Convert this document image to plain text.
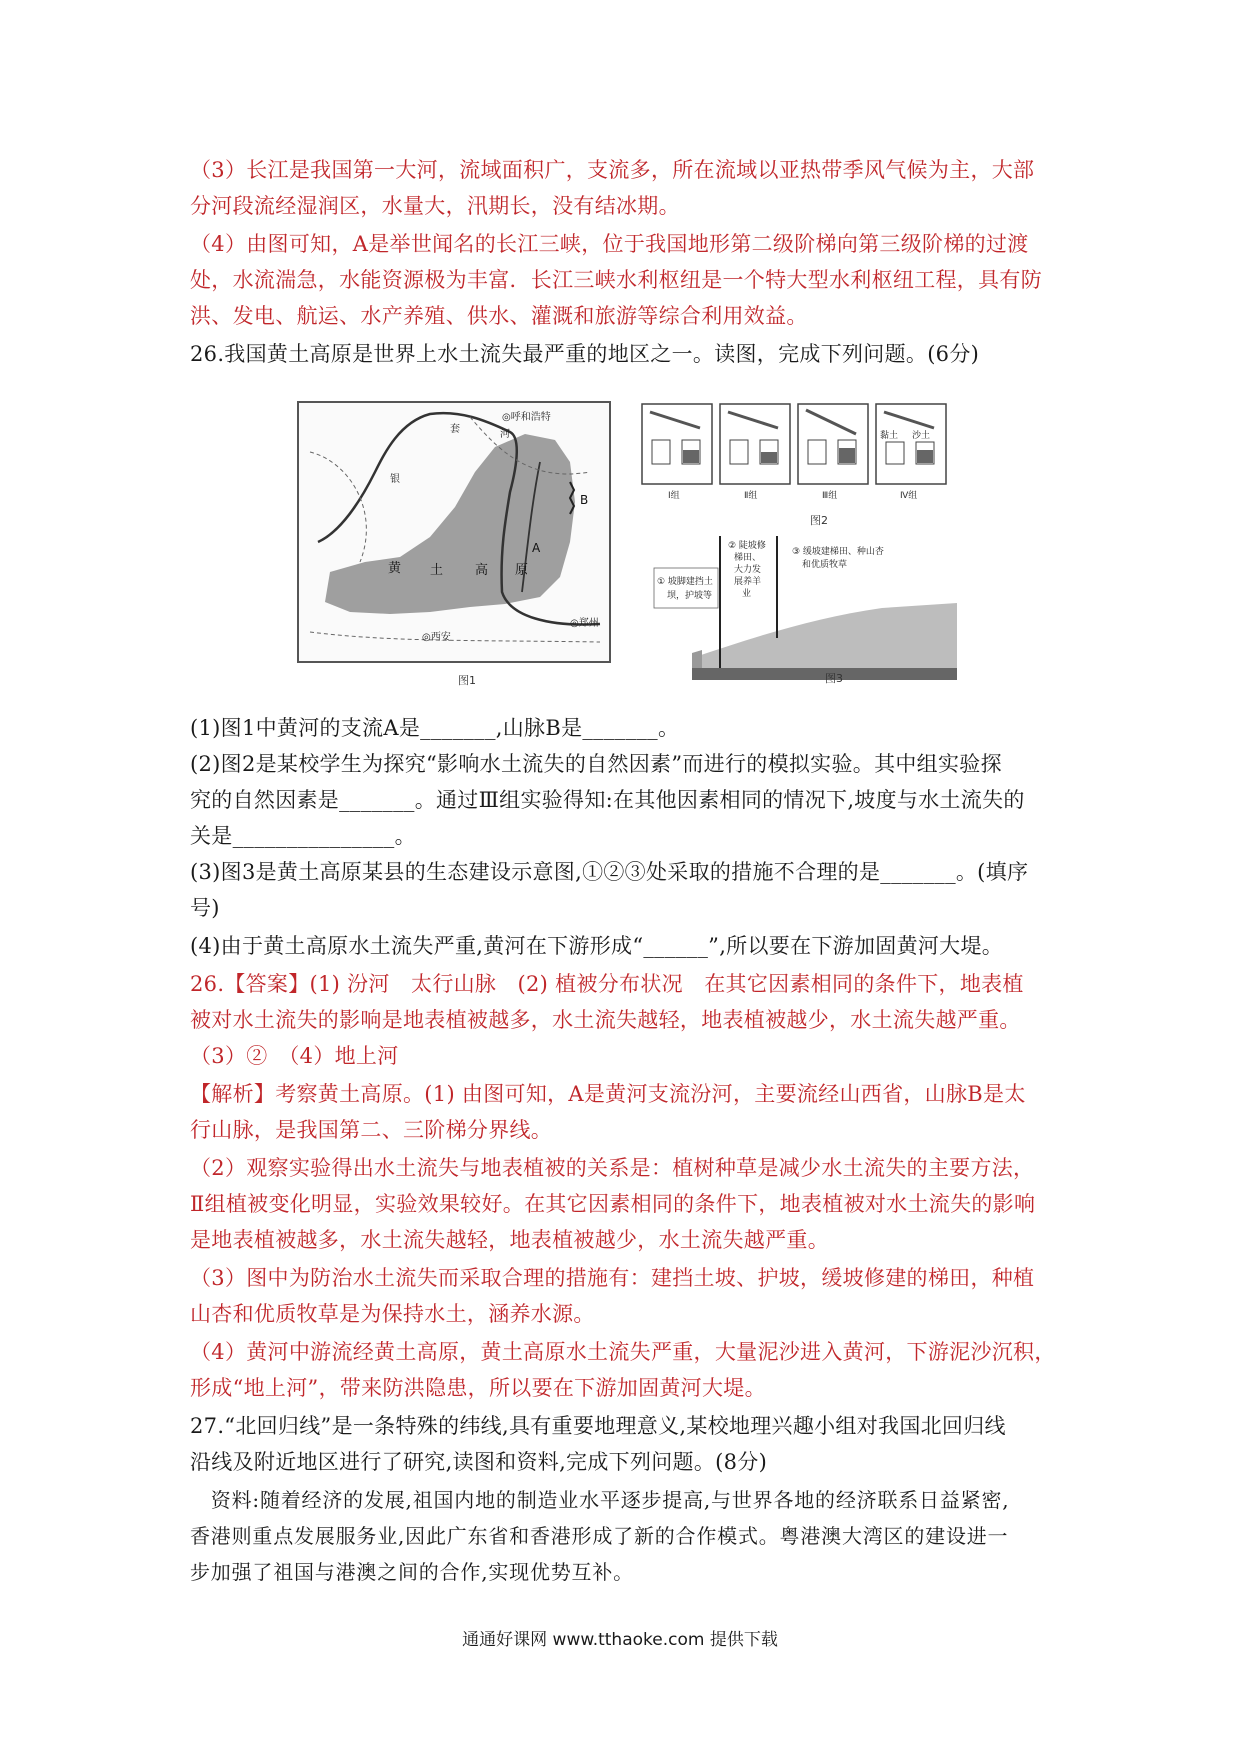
（3）长江是我国第一大河，流域面积广，支流多，所在流域以亚热带季风气候为主，大部
分河段流经湿润区，水量大，汛期长，没有结冰期。
（4）由图可知，A是举世闻名的长江三峡，位于我国地形第二级阶梯向第三级阶梯的过渡
处，水流湍急，水能资源极为丰富．长江三峡水利枢纽是一个特大型水利枢纽工程，具有防
洪、发电、航运、水产养殖、供水、灌溉和旅游等综合利用效益。
26.我国黄土高原是世界上水土流失最严重的地区之一。读图，完成下列问题。(6分)
◎呼和浩特
套	河
银
黄 土 高 原
A
B
◎西安
◎郑州
图1
黏土 沙土
Ⅰ组	Ⅱ组	Ⅲ组	Ⅳ组
图2
① 坡脚建挡土
坝，护坡等
② 陡坡修
梯田、
大力发
展养羊
业
③ 缓坡建梯田、种山杏
和优质牧草
图3
(1)图1中黄河的支流A是_______,山脉B是_______。
(2)图2是某校学生为探究“影响水土流失的自然因素”而进行的模拟实验。其中组实验探
究的自然因素是_______。通过Ⅲ组实验得知:在其他因素相同的情况下,坡度与水土流失的
关是_______________。
(3)图3是黄土高原某县的生态建设示意图,①②③处采取的措施不合理的是_______。(填序
号)
(4)由于黄土高原水土流失严重,黄河在下游形成“______”,所以要在下游加固黄河大堤。
26.【答案】(1) 汾河　太行山脉　(2) 植被分布状况　在其它因素相同的条件下，地表植
被对水土流失的影响是地表植被越多，水土流失越轻，地表植被越少，水土流失越严重。
（3）②　（4）地上河
【解析】考察黄土高原。(1) 由图可知，A是黄河支流汾河，主要流经山西省，山脉B是太
行山脉，是我国第二、三阶梯分界线。
（2）观察实验得出水土流失与地表植被的关系是：植树种草是减少水土流失的主要方法，
Ⅱ组植被变化明显，实验效果较好。在其它因素相同的条件下，地表植被对水土流失的影响
是地表植被越多，水土流失越轻，地表植被越少，水土流失越严重。
（3）图中为防治水土流失而采取合理的措施有：建挡土坡、护坡，缓坡修建的梯田，种植
山杏和优质牧草是为保持水土，涵养水源。
（4）黄河中游流经黄土高原，黄土高原水土流失严重，大量泥沙进入黄河，下游泥沙沉积，
形成“地上河”，带来防洪隐患，所以要在下游加固黄河大堤。
27.“北回归线”是一条特殊的纬线,具有重要地理意义,某校地理兴趣小组对我国北回归线
沿线及附近地区进行了研究,读图和资料,完成下列问题。(8分)
　资料:随着经济的发展,祖国内地的制造业水平逐步提高,与世界各地的经济联系日益紧密,
香港则重点发展服务业,因此广东省和香港形成了新的合作模式。粤港澳大湾区的建设进一
步加强了祖国与港澳之间的合作,实现优势互补。
通通好课网 www.tthaoke.com 提供下载
